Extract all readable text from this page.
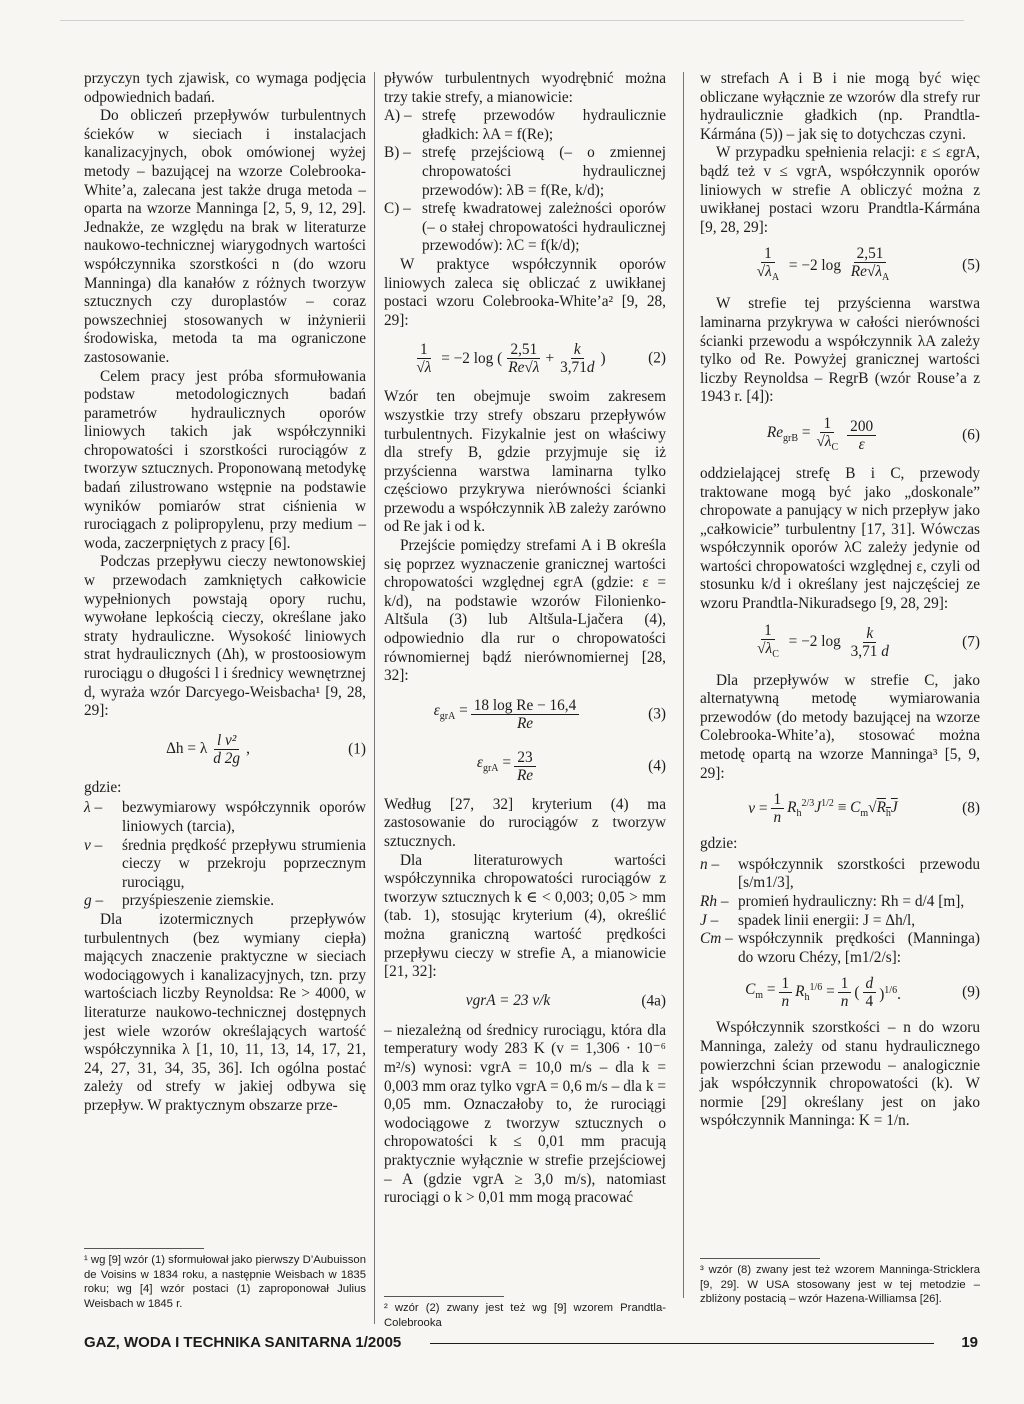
przyczyn tych zjawisk, co wymaga podjęcia odpowiednich badań.

Do obliczeń przepływów turbulentnych ścieków w sieciach i instalacjach kanalizacyjnych, obok omówionej wyżej metody – bazującej na wzorze Colebrooka-White’a, zalecana jest także druga metoda – oparta na wzorze Manninga [2, 5, 9, 12, 29]. Jednakże, ze względu na brak w literaturze naukowo-technicznej wiarygodnych wartości współczynnika szorstkości n (do wzoru Manninga) dla kanałów z różnych tworzyw sztucznych czy duroplastów – coraz powszechniej stosowanych w inżynierii środowiska, metoda ta ma ograniczone zastosowanie.

Celem pracy jest próba sformułowania podstaw metodologicznych badań parametrów hydraulicznych oporów liniowych takich jak współczynniki chropowatości i szorstkości rurociągów z tworzyw sztucznych. Proponowaną metodykę badań zilustrowano wstępnie na podstawie wyników pomiarów strat ciśnienia w rurociągach z polipropylenu, przy medium – woda, zaczerpniętych z pracy [6].

Podczas przepływu cieczy newtonowskiej w przewodach zamkniętych całkowicie wypełnionych powstają opory ruchu, wywołane lepkością cieczy, określane jako straty hydrauliczne. Wysokość liniowych strat hydraulicznych (Δh), w prostoosiowym rurociągu o długości l i średnicy wewnętrznej d, wyraża wzór Darcyego-Weisbacha¹ [9, 28, 29]:

Δh = λ $\frac{\text{l v²}}{d 2g}$ ,	(1)

gdzie:

λ –	bezwymiarowy współczynnik oporów liniowych (tarcia),
v –	średnia prędkość przepływu strumienia cieczy w przekroju poprzecznym rurociągu,
g –	przyśpieszenie ziemskie.

Dla izotermicznych przepływów turbulentnych (bez wymiany ciepła) mających znaczenie praktyczne w sieciach wodociągowych i kanalizacyjnych, tzn. przy wartościach liczby Reynoldsa: Re > 4000, w literaturze naukowo-technicznej dostępnych jest wiele wzorów określających wartość współczynnika λ [1, 10, 11, 13, 14, 17, 21, 24, 27, 31, 34, 35, 36]. Ich ogólna postać zależy od strefy w jakiej odbywa się przepływ. W praktycznym obszarze prze-

pływów turbulentnych wyodrębnić można trzy takie strefy, a mianowicie:

A) – strefę przewodów hydraulicznie gładkich: λA = f(Re);
B) – strefę przejściową (– o zmiennej chropowatości hydraulicznej przewodów): λB = f(Re, k/d);
C) – strefę kwadratowej zależności oporów (– o stałej chropowatości hydraulicznej przewodów): λC = f(k/d);

W praktyce współczynnik oporów liniowych zaleca się obliczać z uwikłanej postaci wzoru Colebrooka-White’a² [9, 28, 29]:

$\frac{1}{√\lambda} = -2$ log ( $\frac{2,51}{Re√\lambda} + \frac{k}{3,71d}$ )	(2)

Wzór ten obejmuje swoim zakresem wszystkie trzy strefy obszaru przepływów turbulentnych. Fizykalnie jest on właściwy dla strefy B, gdzie przyjmuje się iż przyścienna warstwa laminarna tylko częściowo przykrywa nierówności ścianki przewodu a współczynnik λB zależy zarówno od Re jak i od k.

Przejście pomiędzy strefami A i B określa się poprzez wyznaczenie granicznej wartości chropowatości względnej εgrA (gdzie: ε = k/d), na podstawie wzorów Filonienko-Altšula (3) lub Altšula-Ljačera (4), odpowiednio dla rur o chropowatości równomiernej bądź nierównomiernej [28, 32]:

$\varepsilon_{grA} = \frac{\text{18 log Re − 16,4}}{Re}$	(3)
$\varepsilon_{grA} = \frac{23}{Re}$	(4)

Według [27, 32] kryterium (4) ma zastosowanie do rurociągów z tworzyw sztucznych.

Dla literaturowych wartości współczynnika chropowatości rurociągów z tworzyw sztucznych k ∈ < 0,003; 0,05 > mm (tab. 1), stosując kryterium (4), określić można graniczną wartość prędkości przepływu cieczy w strefie A, a mianowicie [21, 32]:

vgrA = 23 v/k	(4a)

– niezależną od średnicy rurociągu, która dla temperatury wody 283 K (v = 1,306 · 10⁻⁶ m²/s) wynosi: vgrA = 10,0 m/s – dla k = 0,003 mm oraz tylko vgrA = 0,6 m/s – dla k = 0,05 mm. Oznaczałoby to, że rurociągi wodociągowe z tworzyw sztucznych o chropowatości k ≤ 0,01 mm pracują praktycznie wyłącznie w strefie przejściowej – A (gdzie vgrA ≥ 3,0 m/s), natomiast rurociągi o k > 0,01 mm mogą pracować

w strefach A i B i nie mogą być więc obliczane wyłącznie ze wzorów dla strefy rur hydraulicznie gładkich (np. Prandtla-Kármána (5)) – jak się to dotychczas czyni.

W przypadku spełnienia relacji: ε ≤ εgrA, bądź też v ≤ vgrA, współczynnik oporów liniowych w strefie A obliczyć można z uwikłanej postaci wzoru Prandtla-Kármána [9, 28, 29]:

$\frac{1}{√\lambda_A} = -2$ $\log \frac{2,51}{Re√\lambda_A}$	(5)

W strefie tej przyścienna warstwa laminarna przykrywa w całości nierówności ścianki przewodu a współczynnik λA zależy tylko od Re. Powyżej granicznej wartości liczby Reynoldsa – RegrB (wzór Rouse’a z 1943 r. [4]):

$Re_{grB} = \frac{1}{√\lambda_C} \frac{200}{\varepsilon}$	(6)

oddzielającej strefę B i C, przewody traktowane mogą być jako „doskonale” chropowate a panujący w nich przepływ jako „całkowicie” turbulentny [17, 31]. Wówczas współczynnik oporów λC zależy jedynie od wartości chropowatości względnej ε, czyli od stosunku k/d i określany jest najczęściej ze wzoru Prandtla-Nikuradsego [9, 28, 29]:

$\frac{1}{√\lambda_C} = -2$ $\log \frac{k}{3,71 d}$	(7)

Dla przepływów w strefie C, jako alternatywną metodę wymiarowania przewodów (do metody bazującej na wzorze Colebrooka-White’a), stosować można metodę opartą na wzorze Manninga³ [5, 9, 29]:

$v = \frac{1}{n} R_h^{2/3}J^{1/2} \equiv C_m√R_hJ$	(8)

gdzie:

n –	współczynnik szorstkości przewodu [s/m1/3],
Rh – promień hydrauliczny: Rh = d/4 [m],
J –	spadek linii energii: J = Δh/l,
Cm – współczynnik prędkości (Manninga) do wzoru Chézy, [m1/2/s]:
$C_m = \frac{1}{n} R_h^{1/6} = \frac{1}{n}$ ( $\frac{d}{4} )^{1/6}$.	(9)

Współczynnik szorstkości – n do wzoru Manninga, zależy od stanu hydraulicznego powierzchni ścian przewodu – analogicznie jak współczynnik chropowatości (k). W normie [29] określany jest on jako współczynnik Manninga: K = 1/n.

¹ wg [9] wzór (1) sformułował jako pierwszy D’Aubuisson de Voisins w 1834 roku, a następnie Weisbach w 1835 roku; wg [4] wzór postaci (1) zaproponował Julius Weisbach w 1845 r.	² wzór (2) zwany jest też wg [9] wzorem Prandtla-Colebrooka

³ wzór (8) zwany jest też wzorem Manninga-Stricklera [9, 29]. W USA stosowany jest w tej metodzie – zbliżony postacią – wzór Hazena-Williamsa [26].

GAZ, WODA I TECHNIKA SANITARNA 1/2005	19
